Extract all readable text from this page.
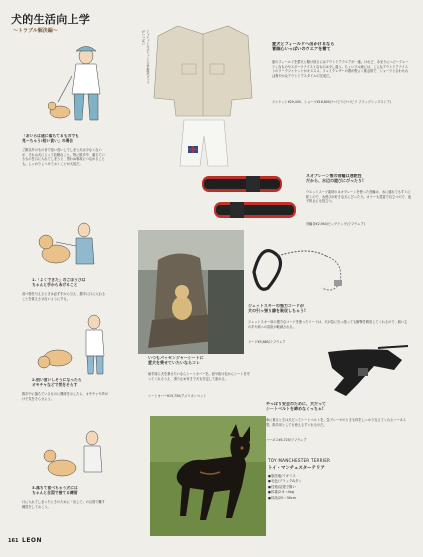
犬的生活向上学
〜トラブル解決編〜
「おいらは道に落ちてるものでも
見〜ちゃう!拾い食い」の場合
ご飯以外のものまで拾い食いしてしまう犬は少なくないが、それは犬にとって危険なこと。特に散歩中、落ちているものを口に入れてしまうと、思わぬ事故につながることも。しっかりしつけておくことが大切だ。
1.「よくできた」のごほうびは
ちゃんと手からあげること
食べ物を与えるときは必ず手から与え、勝手に口に入れることを覚えさせないようにする。
2.拾い食いしそうになったら
オモチャなどで気をそらす
散歩中に落ちているものに興味を示したら、オモチャや声がけで気をそらせよう。
3.落ちて食べちゃう犬には
ちゃんと合図で捨てる練習
口に入れてしまったときのために「出して」の合図で離す練習をしておこう。
161 LEON
ジャケットのポケットにはお散歩グッズがいっぱい	愛犬とフィールドへ出かけるなら
冒険心いっぱいのウエアを着て
夏のフィールドを愛犬と駆け回るにはアウトドアウエアが一番。けれど、あまりにヘビーデューティなものやスポーツテイストなものは少し違う。ちょいワル流には、こんなアウトドアテイストのワークジャケットがオススメ。フェイクレザーの襟が程よく都会的で、ショーツと合わせれば爽やかなアウトドアスタイルの完成だ。
ジャケット¥29,400、ショーツ¥16,800/ナパピリ(ナパピリ フラッグシップストア)
ネオプレーン製の首輪は速乾性
だから、水辺の遊びにぴったり!
ウエットスーツ素材のネオプレーンを使った首輪は、水に濡れてもすぐに乾くので、水遊びが好きな犬にぴったり。カラーも豊富で目立つので、迷子防止にも役立つ。
首輪各¥2,940/ビッグドッグ(ラフウェア)
ジェットスキーの強力コードが
犬の引っ張り癖を吸収しちゃう!
ジェットスキー用の強力なコードを使ったリードは、犬が急に引っ張っても衝撃を吸収してくれるので、飼い主の手や肩への負担が軽減される。
リード¥5,880/ラフウェア
いつもパッセンジャーシートに
愛犬を乗せていたいならコレ
助手席に犬を乗せたいならシートカバーを。泥や抜け毛からシートを守ってくれるうえ、滑り止め付きで犬も安定して座れる。
シートカバー¥15,750/アメリカンペット
やっぱり安全のために、犬だって
シートベルトを締めなくっちゃ!
車に乗るときは犬だってシートベルトを。急ブレーキのときも体をしっかり支えてくれるハーネス型。散歩用としても使えるすぐれものだ。
ハーネス¥4,725/ラフウェア
TOY MANCHESTER TERRIER
トイ・マンチェスターテリア
●原産地/イギリス
●毛色/ブラック&タン
●性格/活発で賢い
●体重/2.5〜4kg
●体高/25〜30cm
